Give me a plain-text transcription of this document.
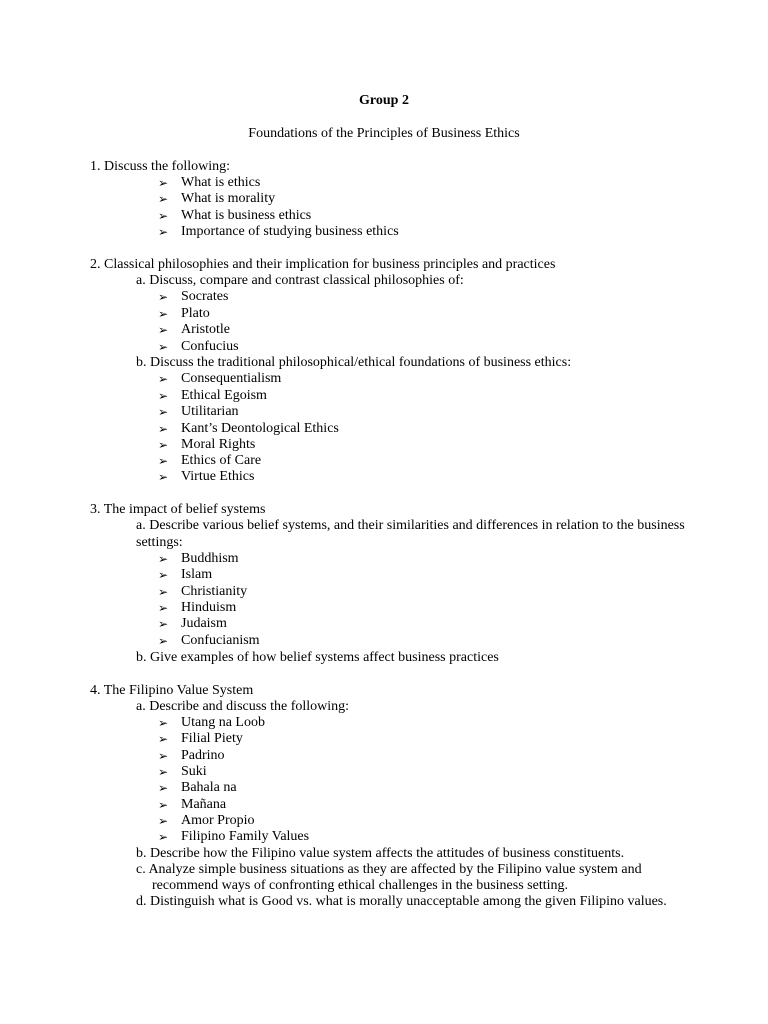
Group 2
Foundations of the Principles of Business Ethics
1. Discuss the following:
➢ What is ethics
➢ What is morality
➢ What is business ethics
➢ Importance of studying business ethics
2. Classical philosophies and their implication for business principles and practices
a. Discuss, compare and contrast classical philosophies of:
➢ Socrates
➢ Plato
➢ Aristotle
➢ Confucius
b. Discuss the traditional philosophical/ethical foundations of business ethics:
➢ Consequentialism
➢ Ethical Egoism
➢ Utilitarian
➢ Kant’s Deontological Ethics
➢ Moral Rights
➢ Ethics of Care
➢ Virtue Ethics
3. The impact of belief systems
a. Describe various belief systems, and their similarities and differences in relation to the business
settings:
➢ Buddhism
➢ Islam
➢ Christianity
➢ Hinduism
➢ Judaism
➢ Confucianism
b. Give examples of how belief systems affect business practices
4. The Filipino Value System
a. Describe and discuss the following:
➢ Utang na Loob
➢ Filial Piety
➢ Padrino
➢ Suki
➢ Bahala na
➢ Mañana
➢ Amor Propio
➢ Filipino Family Values
b. Describe how the Filipino value system affects the attitudes of business constituents.
c. Analyze simple business situations as they are affected by the Filipino value system and
recommend ways of confronting ethical challenges in the business setting.
d. Distinguish what is Good vs. what is morally unacceptable among the given Filipino values.
